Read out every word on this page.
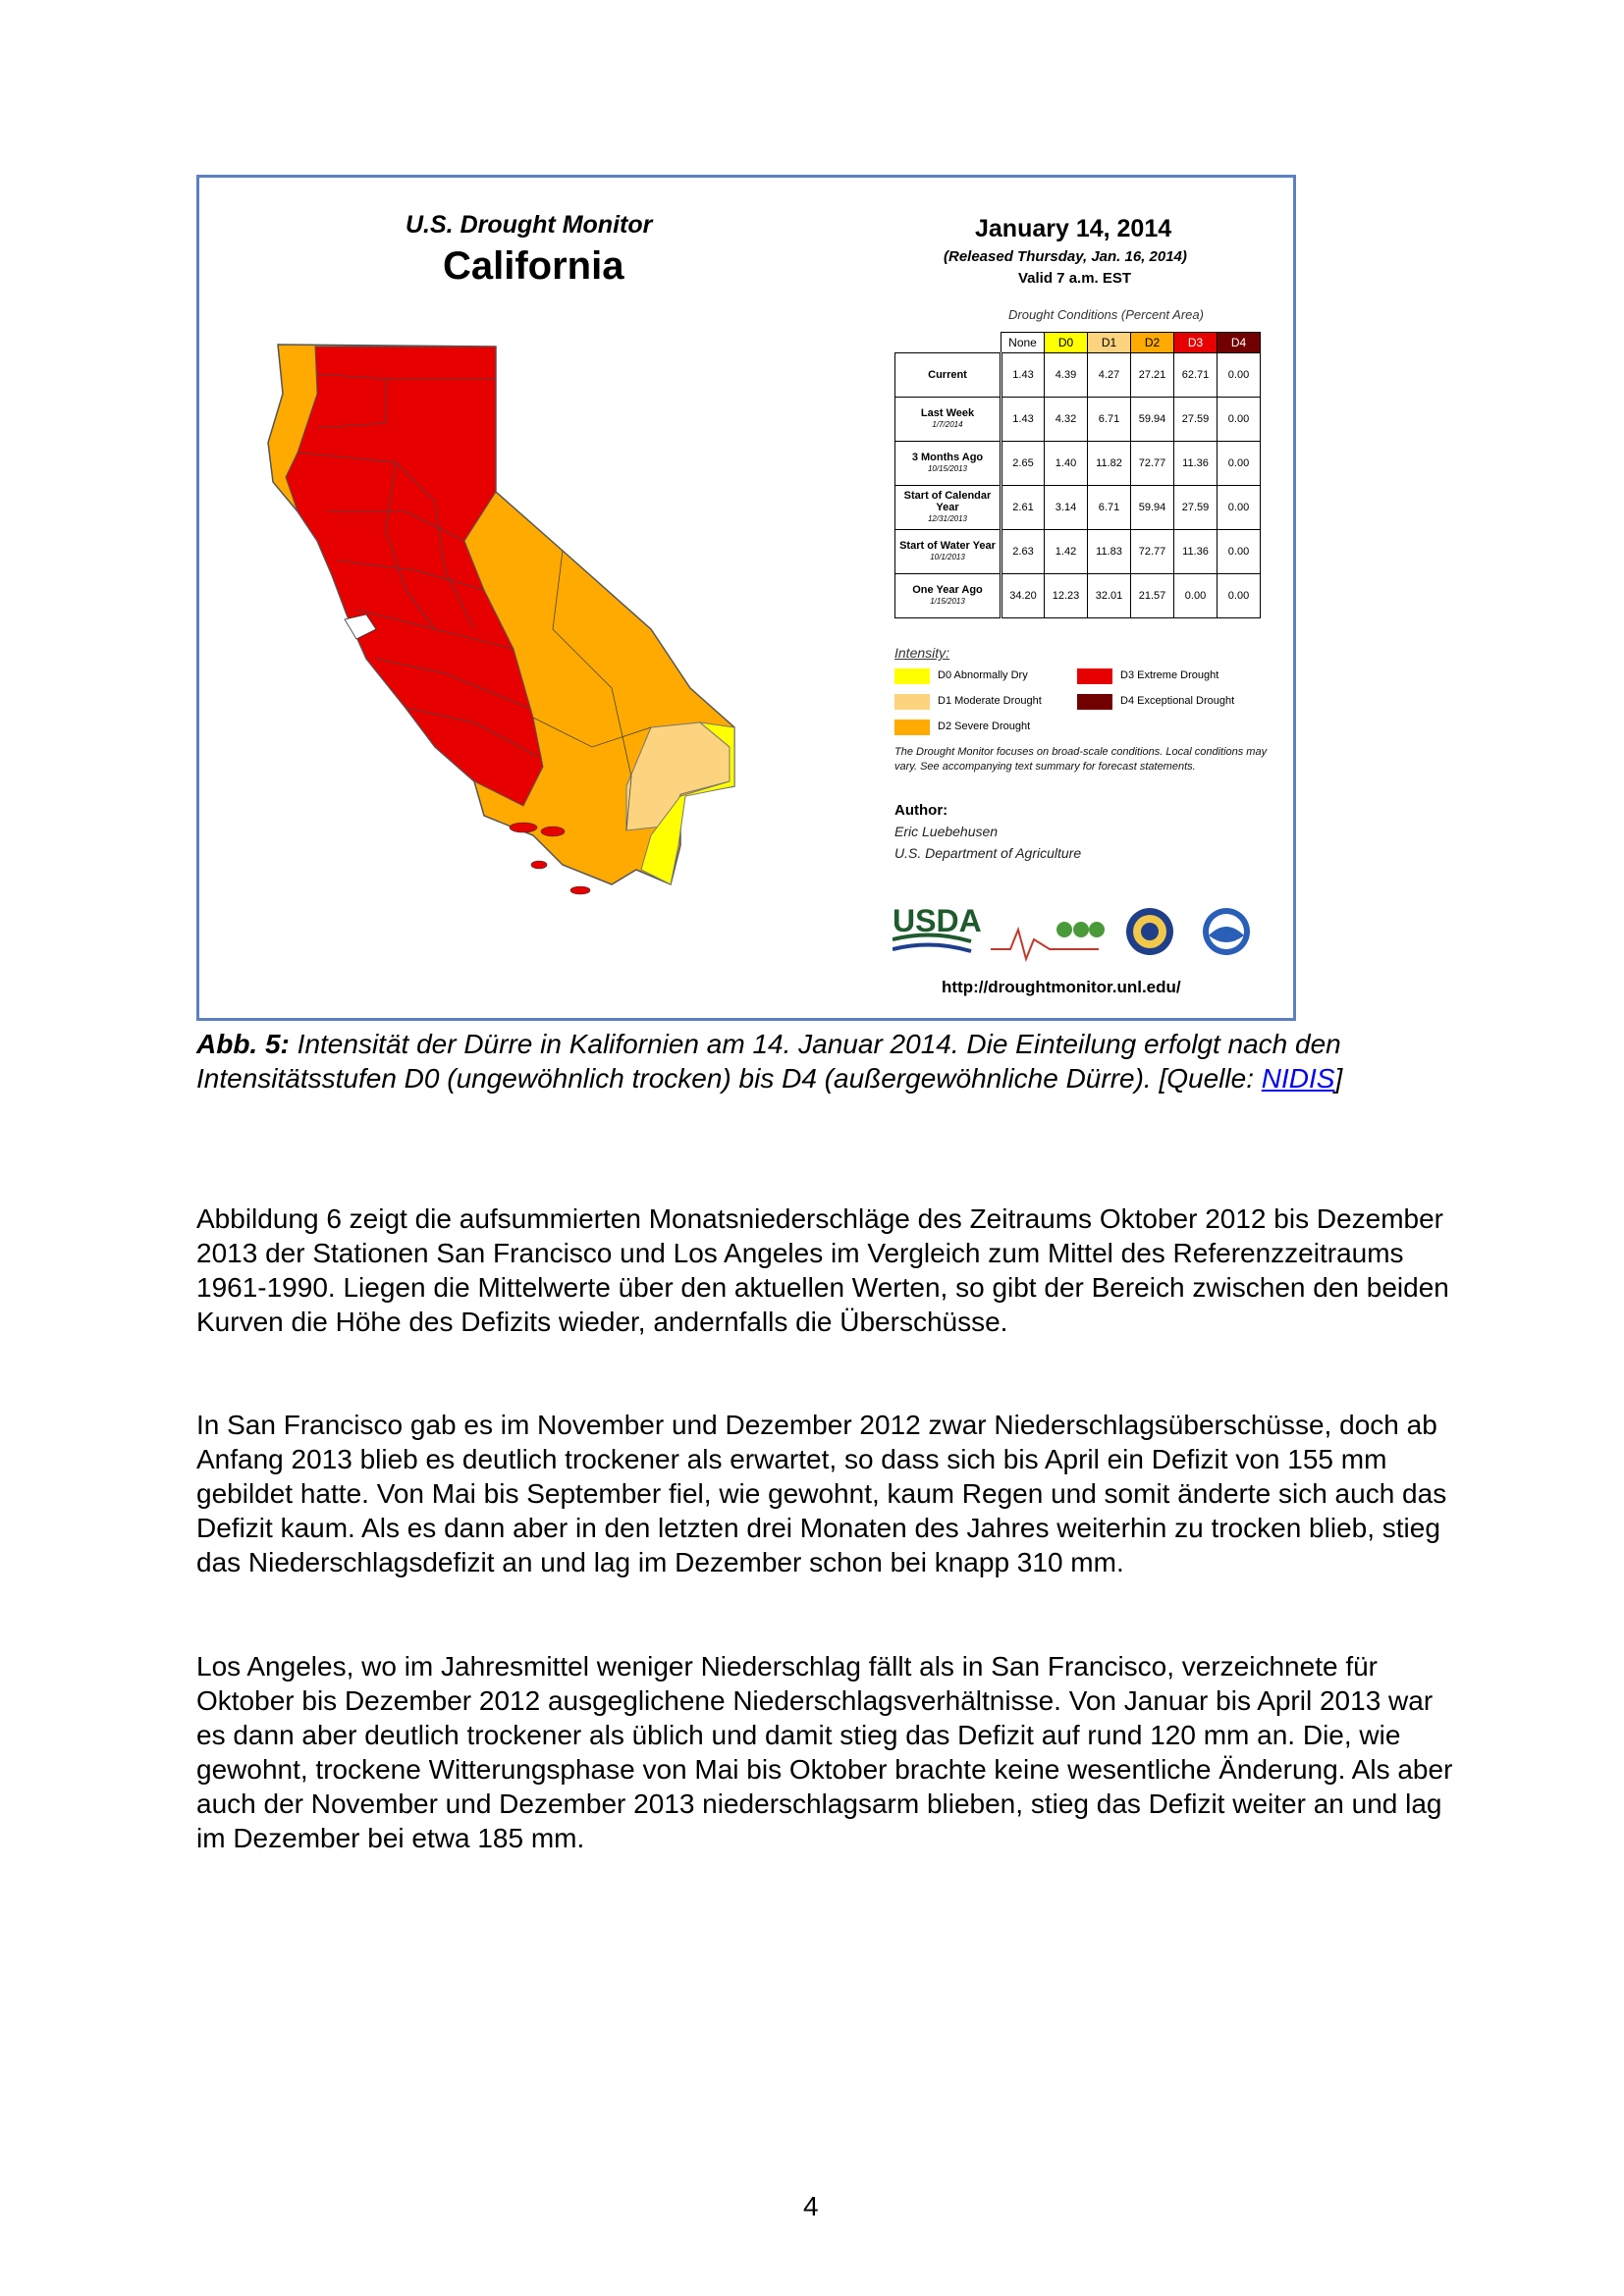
U.S. Drought Monitor
California
January 14, 2014
(Released Thursday, Jan. 16, 2014)
Valid 7 a.m. EST
Drought Conditions (Percent Area)
	None	D0	D1	D2	D3	D4

Current	1.43	4.39	4.27	27.21	62.71	0.00

Last Week
1/7/2014	1.43	4.32	6.71	59.94	27.59	0.00

3 Months Ago
10/15/2013	2.65	1.40	11.82	72.77	11.36	0.00

Start of Calendar Year
12/31/2013	2.61	3.14	6.71	59.94	27.59	0.00

Start of Water Year
10/1/2013	2.63	1.42	11.83	72.77	11.36	0.00

One Year Ago
1/15/2013	34.20	12.23	32.01	21.57	0.00	0.00
Intensity:
D0 Abnormally Dry
D1 Moderate Drought
D2 Severe Drought
D3 Extreme Drought
D4 Exceptional Drought
The Drought Monitor focuses on broad-scale conditions. Local conditions may vary. See accompanying text summary for forecast statements.
Author:
Eric Luebehusen
U.S. Department of Agriculture
USDA
http://droughtmonitor.unl.edu/
Abb. 5: Intensität der Dürre in Kalifornien am 14. Januar 2014. Die Einteilung erfolgt nach den Intensitätsstufen D0 (ungewöhnlich trocken) bis D4 (außergewöhnliche Dürre). [Quelle: NIDIS]

Abbildung 6 zeigt die aufsummierten Monatsniederschläge des Zeitraums Oktober 2012 bis Dezember 2013 der Stationen San Francisco und Los Angeles im Vergleich zum Mittel des Referenzzeitraums 1961-1990. Liegen die Mittelwerte über den aktuellen Werten, so gibt der Bereich zwischen den beiden Kurven die Höhe des Defizits wieder, andernfalls die Überschüsse.

In San Francisco gab es im November und Dezember 2012 zwar Niederschlagsüberschüsse, doch ab Anfang 2013 blieb es deutlich trockener als erwartet, so dass sich bis April ein Defizit von 155 mm gebildet hatte. Von Mai bis September fiel, wie gewohnt, kaum Regen und somit änderte sich auch das Defizit kaum. Als es dann aber in den letzten drei Monaten des Jahres weiterhin zu trocken blieb, stieg das Niederschlagsdefizit an und lag im Dezember schon bei knapp 310 mm.

Los Angeles, wo im Jahresmittel weniger Niederschlag fällt als in San Francisco, verzeichnete für Oktober bis Dezember 2012 ausgeglichene Niederschlagsverhältnisse. Von Januar bis April 2013 war es dann aber deutlich trockener als üblich und damit stieg das Defizit auf rund 120 mm an. Die, wie gewohnt, trockene Witterungsphase von Mai bis Oktober brachte keine wesentliche Änderung. Als aber auch der November und Dezember 2013 niederschlagsarm blieben, stieg das Defizit weiter an und lag im Dezember bei etwa 185 mm.

4
